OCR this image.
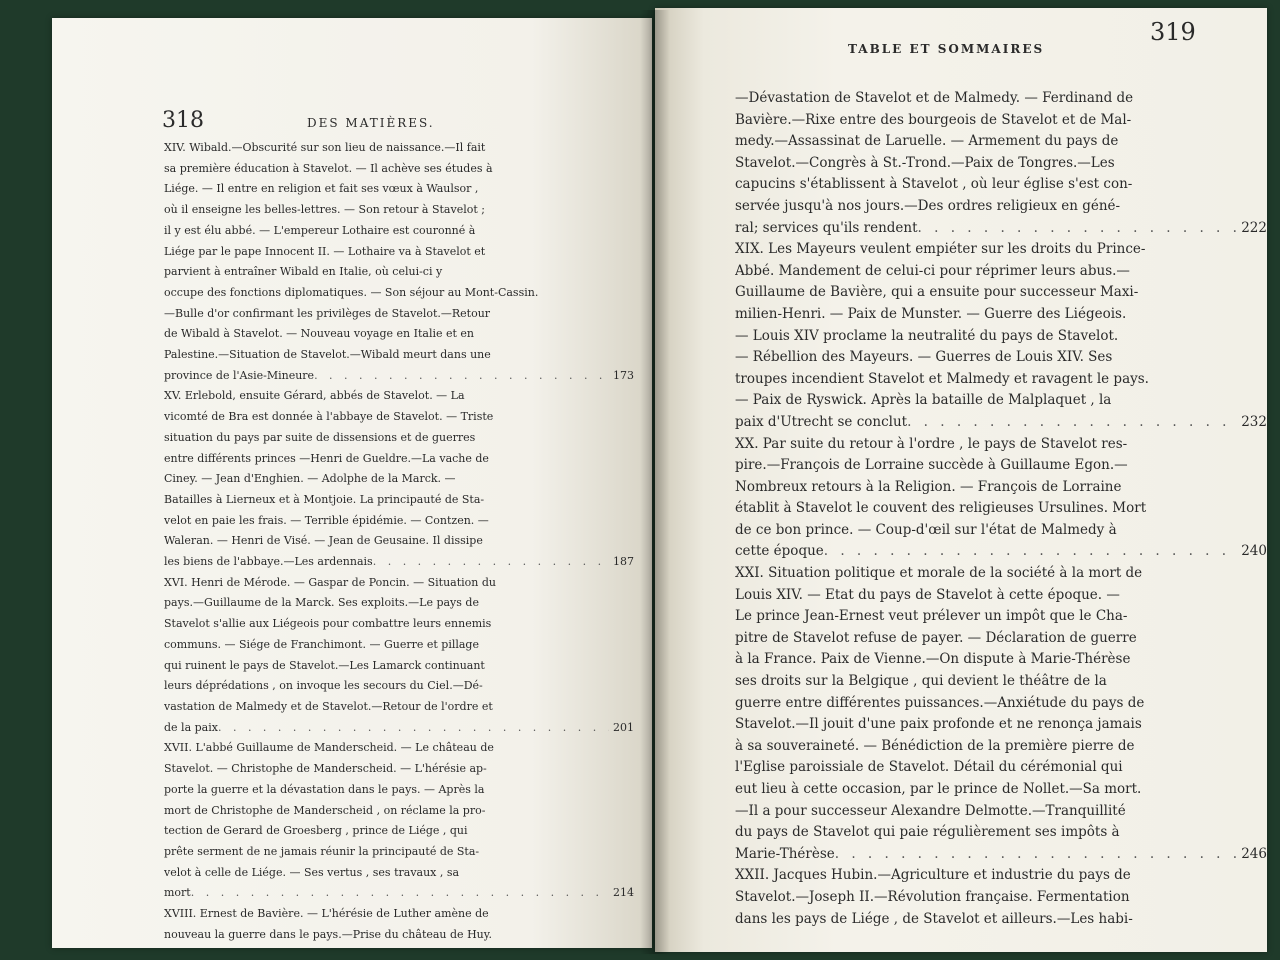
318	DES MATIÈRES.
XIV. Wibald.—Obscurité sur son lieu de naissance.—Il fait
sa première éducation à Stavelot. — Il achève ses études à
Liége. — Il entre en religion et fait ses vœux à Waulsor ,
où il enseigne les belles-lettres. — Son retour à Stavelot ;
il y est élu abbé. — L'empereur Lothaire est couronné à
Liége par le pape Innocent II. — Lothaire va à Stavelot et
parvient à entraîner Wibald en Italie, où celui-ci y
occupe des fonctions diplomatiques. — Son séjour au Mont-Cassin.
—Bulle d'or confirmant les privilèges de Stavelot.—Retour
de Wibald à Stavelot. — Nouveau voyage en Italie et en
Palestine.—Situation de Stavelot.—Wibald meurt dans une
province de l'Asie-Mineure . . .	173
XV. Erlebold, ensuite Gérard, abbés de Stavelot. — La
vicomté de Bra est donnée à l'abbaye de Stavelot. — Triste
situation du pays par suite de dissensions et de guerres
entre différents princes —Henri de Gueldre.—La vache de
Ciney. — Jean d'Enghien. — Adolphe de la Marck. —
Batailles à Lierneux et à Montjoie. La principauté de Sta-
velot en paie les frais. — Terrible épidémie. — Contzen. —
Waleran. — Henri de Visé. — Jean de Geusaine. Il dissipe
les biens de l'abbaye.—Les ardennais . . .	187
XVI. Henri de Mérode. — Gaspar de Poncin. — Situation du
pays.—Guillaume de la Marck. Ses exploits.—Le pays de
Stavelot s'allie aux Liégeois pour combattre leurs ennemis
communs. — Siége de Franchimont. — Guerre et pillage
qui ruinent le pays de Stavelot.—Les Lamarck continuant
leurs déprédations , on invoque les secours du Ciel.—Dé-
vastation de Malmedy et de Stavelot.—Retour de l'ordre et
de la paix . . .	201
XVII. L'abbé Guillaume de Manderscheid. — Le château de
Stavelot. — Christophe de Manderscheid. — L'hérésie ap-
porte la guerre et la dévastation dans le pays. — Après la
mort de Christophe de Manderscheid , on réclame la pro-
tection de Gerard de Groesberg , prince de Liége , qui
prête serment de ne jamais réunir la principauté de Sta-
velot à celle de Liége. — Ses vertus , ses travaux , sa
mort . . .	214
XVIII. Ernest de Bavière. — L'hérésie de Luther amène de
nouveau la guerre dans le pays.—Prise du château de Huy.
319
TABLE ET SOMMAIRES
—Dévastation de Stavelot et de Malmedy. — Ferdinand de
Bavière.—Rixe entre des bourgeois de Stavelot et de Mal-
medy.—Assassinat de Laruelle. — Armement du pays de
Stavelot.—Congrès à St.-Trond.—Paix de Tongres.—Les
capucins s'établissent à Stavelot , où leur église s'est con-
servée jusqu'à nos jours.—Des ordres religieux en géné-
ral; services qu'ils rendent . . .	222
XIX. Les Mayeurs veulent empiéter sur les droits du Prince-
Abbé. Mandement de celui-ci pour réprimer leurs abus.—
Guillaume de Bavière, qui a ensuite pour successeur Maxi-
milien-Henri. — Paix de Munster. — Guerre des Liégeois.
— Louis XIV proclame la neutralité du pays de Stavelot.
— Rébellion des Mayeurs. — Guerres de Louis XIV. Ses
troupes incendient Stavelot et Malmedy et ravagent le pays.
— Paix de Ryswick. Après la bataille de Malplaquet , la
paix d'Utrecht se conclut . . .	232
XX. Par suite du retour à l'ordre , le pays de Stavelot res-
pire.—François de Lorraine succède à Guillaume Egon.—
Nombreux retours à la Religion. — François de Lorraine
établit à Stavelot le couvent des religieuses Ursulines. Mort
de ce bon prince. — Coup-d'œil sur l'état de Malmedy à
cette époque . . .	240
XXI. Situation politique et morale de la société à la mort de
Louis XIV. — Etat du pays de Stavelot à cette époque. —
Le prince Jean-Ernest veut prélever un impôt que le Cha-
pitre de Stavelot refuse de payer. — Déclaration de guerre
à la France. Paix de Vienne.—On dispute à Marie-Thérèse
ses droits sur la Belgique , qui devient le théâtre de la
guerre entre différentes puissances.—Anxiétude du pays de
Stavelot.—Il jouit d'une paix profonde et ne renonça jamais
à sa souveraineté. — Bénédiction de la première pierre de
l'Eglise paroissiale de Stavelot. Détail du cérémonial qui
eut lieu à cette occasion, par le prince de Nollet.—Sa mort.
—Il a pour successeur Alexandre Delmotte.—Tranquillité
du pays de Stavelot qui paie régulièrement ses impôts à
Marie-Thérèse . . .	246
XXII. Jacques Hubin.—Agriculture et industrie du pays de
Stavelot.—Joseph II.—Révolution française. Fermentation
dans les pays de Liége , de Stavelot et ailleurs.—Les habi-
